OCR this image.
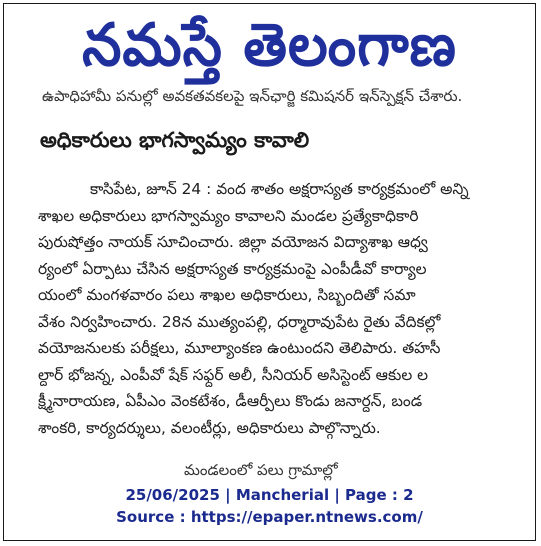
నమస్తే తెలంగాణ
ఉపాధిహామీ పనుల్లో అవకతవకలపై ఇన్‌ఛార్జి కమిషనర్‌ ఇన్‌స్పెక్షన్ చేశారు.
అధికారులు భాగస్వామ్యం కావాలి
కాసిపేట, జూన్ 24 : వంద శాతం అక్షరాస్యత కార్యక్రమంలో అన్ని
శాఖల అధికారులు భాగస్వామ్యం కావాలని మండల ప్రత్యేకాధికారి
పురుషోత్తం నాయక్ సూచించారు. జిల్లా వయోజన విద్యాశాఖ ఆధ్వ
ర్యంలో ఏర్పాటు చేసిన అక్షరాస్యత కార్యక్రమంపై ఎంపీడీవో కార్యాల
యంలో మంగళవారం పలు శాఖల అధికారులు, సిబ్బందితో సమా
వేశం నిర్వహించారు. 28న ముత్యంపల్లి, ధర్మారావుపేట రైతు వేదికల్లో
వయోజనులకు పరీక్షలు, మూల్యాంకణ ఉంటుందని తెలిపారు. తహసీ
ల్దార్ భోజన్న, ఎంపీవో షేక్ సఫ్దర్ అలీ, సీనియర్ అసిస్టెంట్ ఆకుల ల
క్ష్మీనారాయణ, ఏపీఎం వెంకటేశం, డీఆర్పీలు కొండు జనార్దన్, బండ
శాంకరి, కార్యదర్శులు, వలంటీర్లు, అధికారులు పాల్గొన్నారు.
మండలంలో పలు గ్రామాల్లో
25/06/2025 | Mancherial | Page : 2
Source : https://epaper.ntnews.com/
